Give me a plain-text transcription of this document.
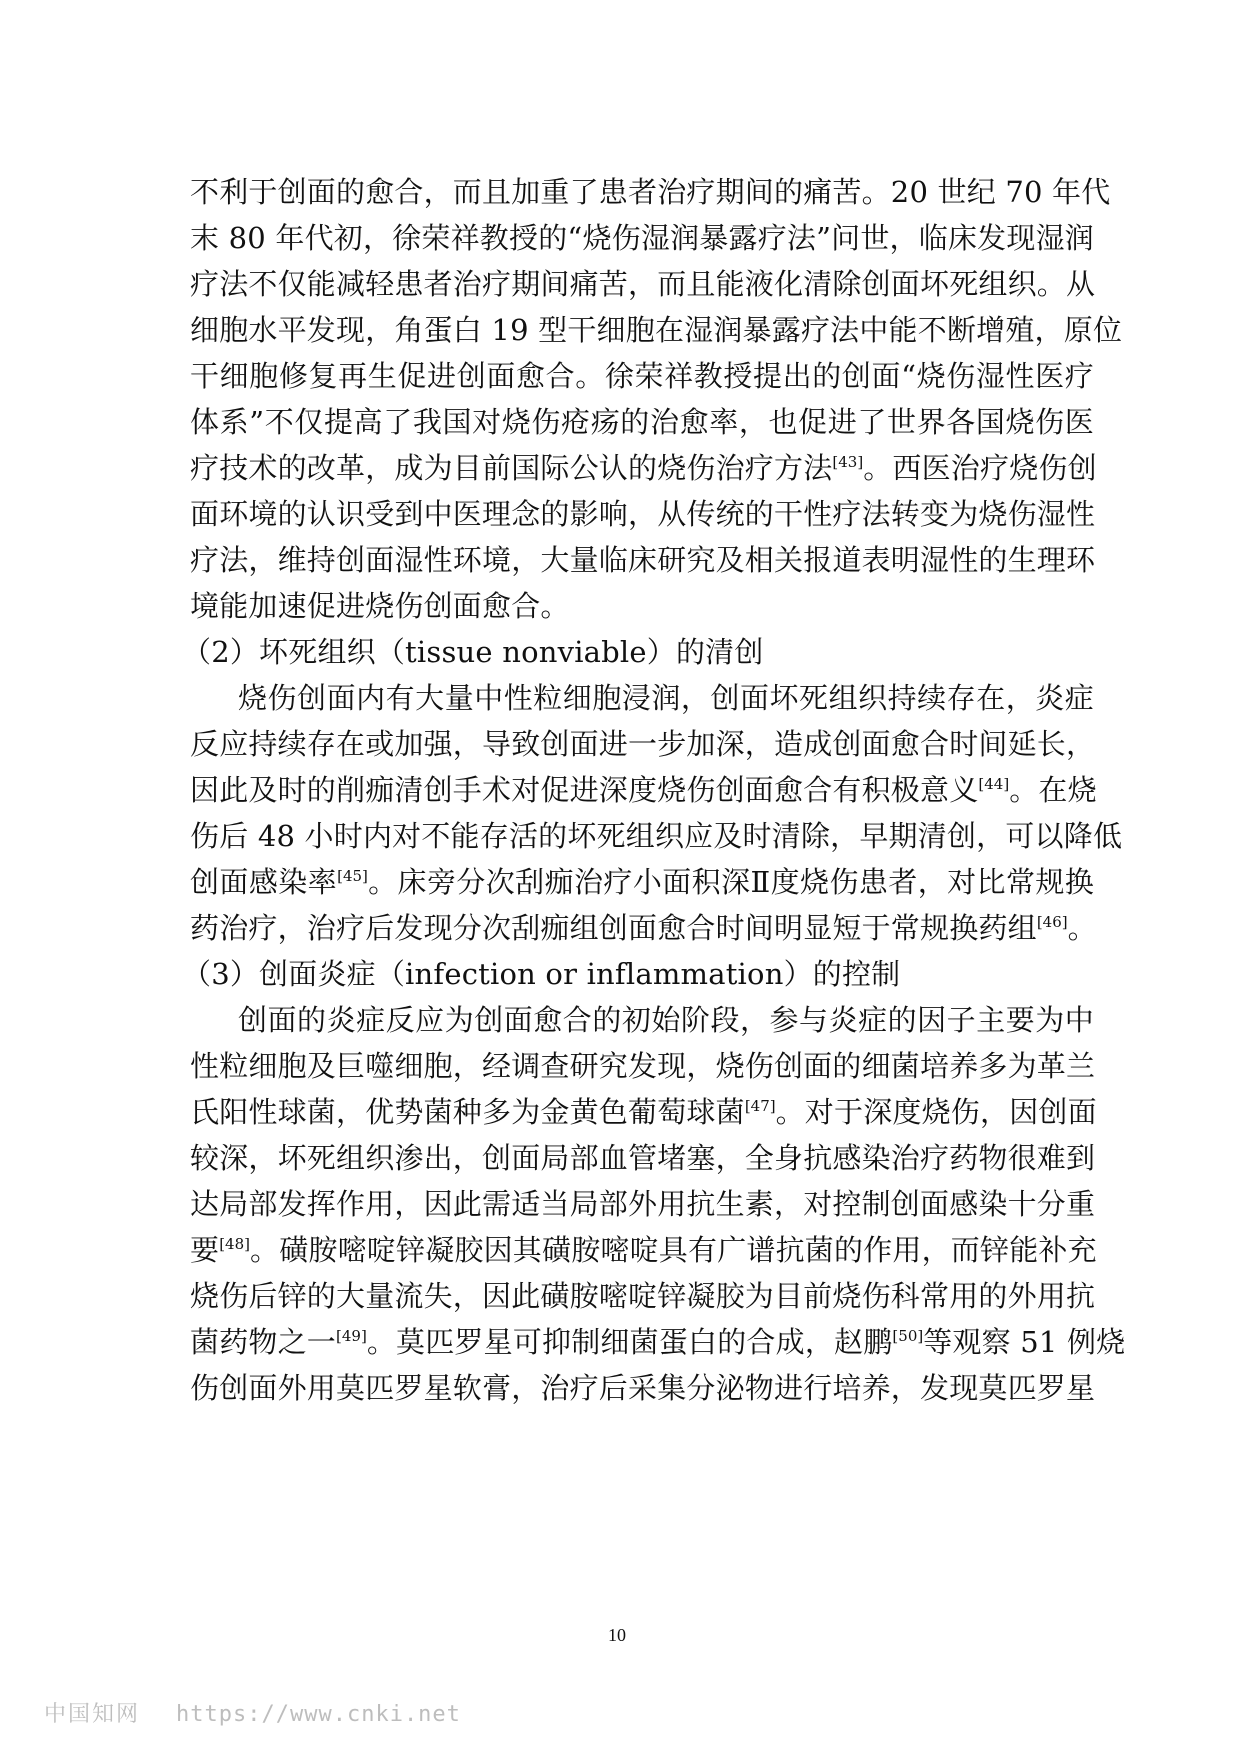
不利于创面的愈合，而且加重了患者治疗期间的痛苦。20 世纪 70 年代
末 80 年代初，徐荣祥教授的“烧伤湿润暴露疗法”问世，临床发现湿润
疗法不仅能减轻患者治疗期间痛苦，而且能液化清除创面坏死组织。从
细胞水平发现，角蛋白 19 型干细胞在湿润暴露疗法中能不断增殖，原位
干细胞修复再生促进创面愈合。徐荣祥教授提出的创面“烧伤湿性医疗
体系”不仅提高了我国对烧伤疮疡的治愈率，也促进了世界各国烧伤医
疗技术的改革，成为目前国际公认的烧伤治疗方法[43]。西医治疗烧伤创
面环境的认识受到中医理念的影响，从传统的干性疗法转变为烧伤湿性
疗法，维持创面湿性环境，大量临床研究及相关报道表明湿性的生理环
境能加速促进烧伤创面愈合。
（2）坏死组织（tissue nonviable）的清创
烧伤创面内有大量中性粒细胞浸润，创面坏死组织持续存在，炎症
反应持续存在或加强，导致创面进一步加深，造成创面愈合时间延长，
因此及时的削痂清创手术对促进深度烧伤创面愈合有积极意义[44]。在烧
伤后 48 小时内对不能存活的坏死组织应及时清除，早期清创，可以降低
创面感染率[45]。床旁分次刮痂治疗小面积深Ⅱ度烧伤患者，对比常规换
药治疗，治疗后发现分次刮痂组创面愈合时间明显短于常规换药组[46]。
（3）创面炎症（infection or inflammation）的控制
创面的炎症反应为创面愈合的初始阶段，参与炎症的因子主要为中
性粒细胞及巨噬细胞，经调查研究发现，烧伤创面的细菌培养多为革兰
氏阳性球菌，优势菌种多为金黄色葡萄球菌[47]。对于深度烧伤，因创面
较深，坏死组织渗出，创面局部血管堵塞，全身抗感染治疗药物很难到
达局部发挥作用，因此需适当局部外用抗生素，对控制创面感染十分重
要[48]。磺胺嘧啶锌凝胶因其磺胺嘧啶具有广谱抗菌的作用，而锌能补充
烧伤后锌的大量流失，因此磺胺嘧啶锌凝胶为目前烧伤科常用的外用抗
菌药物之一[49]。莫匹罗星可抑制细菌蛋白的合成，赵鹏[50]等观察 51 例烧
伤创面外用莫匹罗星软膏，治疗后采集分泌物进行培养，发现莫匹罗星
10
中国知网 https://www.cnki.net
